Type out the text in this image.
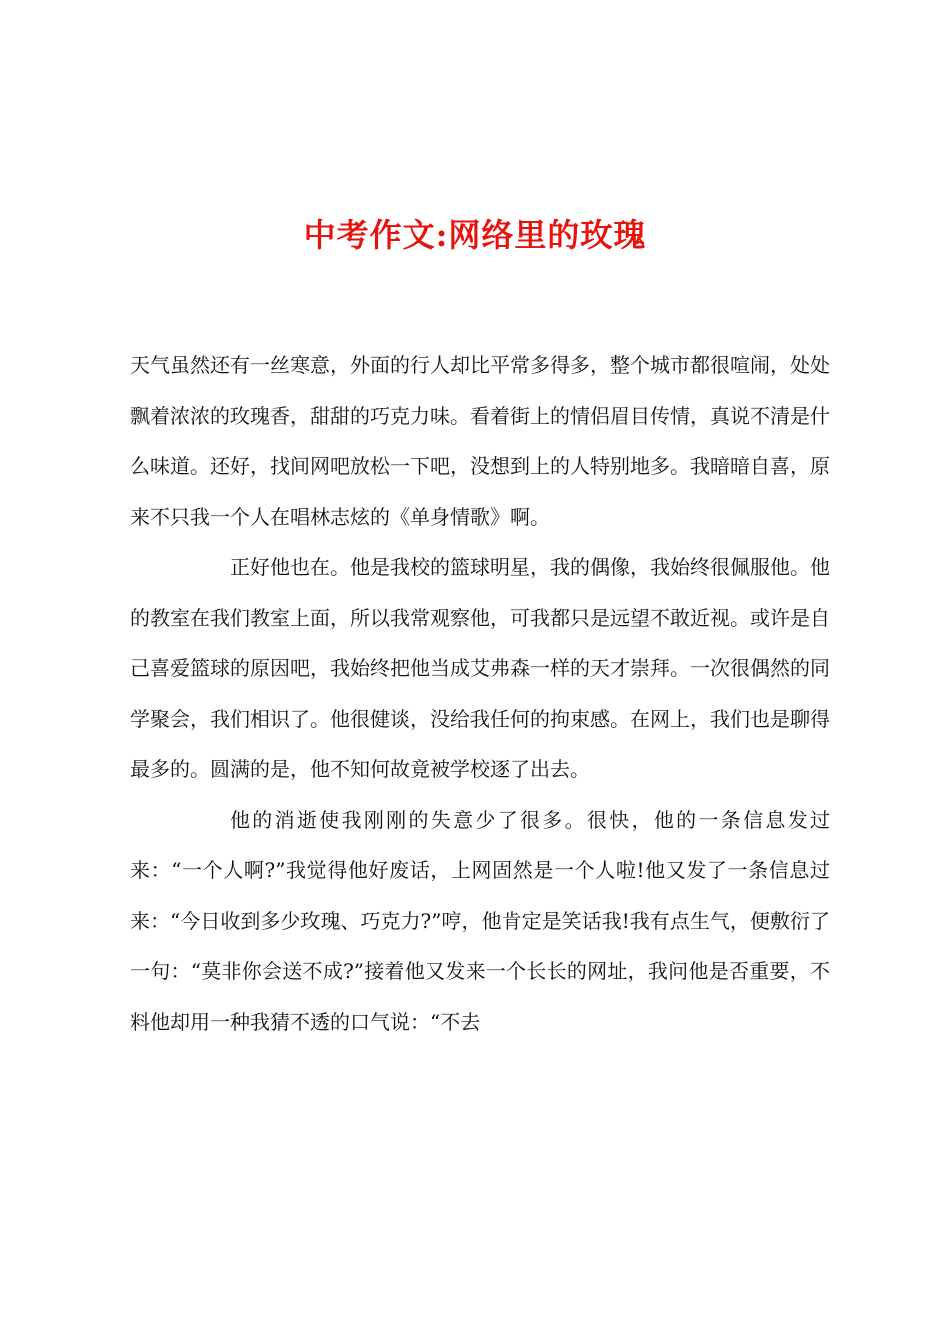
中考作文:网络里的玫瑰

天气虽然还有一丝寒意，外面的行人却比平常多得多，整个城市都很喧闹，处处飘着浓浓的玫瑰香，甜甜的巧克力味。看着街上的情侣眉目传情，真说不清是什么味道。还好，找间网吧放松一下吧，没想到上的人特别地多。我暗暗自喜，原来不只我一个人在唱林志炫的《单身情歌》啊。

正好他也在。他是我校的篮球明星，我的偶像，我始终很佩服他。他的教室在我们教室上面，所以我常观察他，可我都只是远望不敢近视。或许是自己喜爱篮球的原因吧，我始终把他当成艾弗森一样的天才崇拜。一次很偶然的同学聚会，我们相识了。他很健谈，没给我任何的拘束感。在网上，我们也是聊得最多的。圆满的是，他不知何故竟被学校逐了出去。

他的消逝使我刚刚的失意少了很多。很快，他的一条信息发过来：“一个人啊?”我觉得他好废话，上网固然是一个人啦!他又发了一条信息过来：“今日收到多少玫瑰、巧克力?”哼，他肯定是笑话我!我有点生气，便敷衍了一句：“莫非你会送不成?”接着他又发来一个长长的网址，我问他是否重要，不料他却用一种我猜不透的口气说：“不去
